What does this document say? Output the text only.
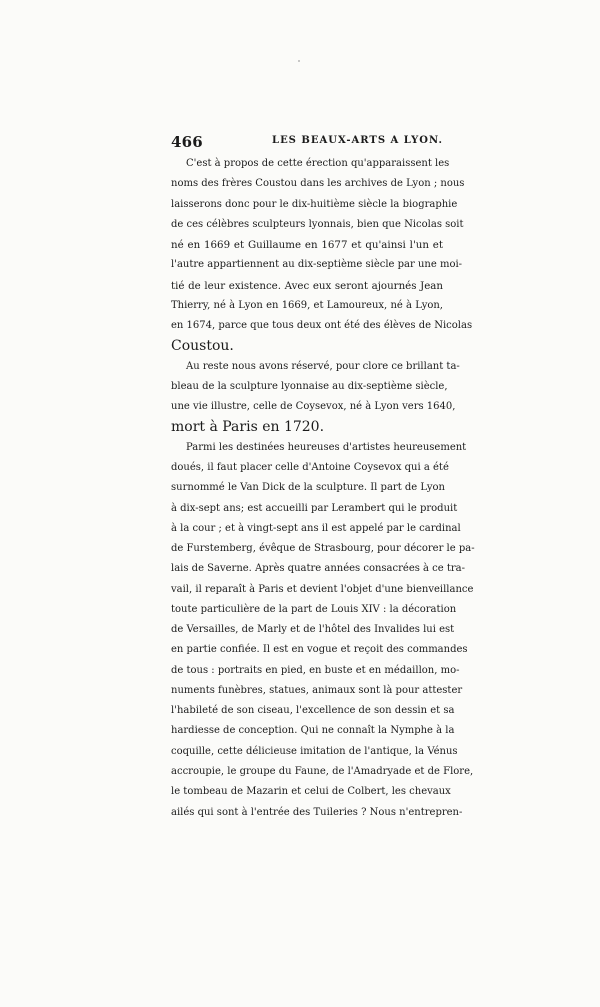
466	LES BEAUX-ARTS A LYON.
C'est à propos de cette érection qu'apparaissent les
noms des frères Coustou dans les archives de Lyon ; nous
laisserons donc pour le dix-huitième siècle la biographie
de ces célèbres sculpteurs lyonnais, bien que Nicolas soit
né en 1669 et Guillaume en 1677 et qu'ainsi l'un et
l'autre appartiennent au dix-septième siècle par une moi-
tié de leur existence. Avec eux seront ajournés Jean
Thierry, né à Lyon en 1669, et Lamoureux, né à Lyon,
en 1674, parce que tous deux ont été des élèves de Nicolas
Coustou.
Au reste nous avons réservé, pour clore ce brillant ta-
bleau de la sculpture lyonnaise au dix-septième siècle,
une vie illustre, celle de Coysevox, né à Lyon vers 1640,
mort à Paris en 1720.
Parmi les destinées heureuses d'artistes heureusement
doués, il faut placer celle d'Antoine Coysevox qui a été
surnommé le Van Dick de la sculpture. Il part de Lyon
à dix-sept ans; est accueilli par Lerambert qui le produit
à la cour ; et à vingt-sept ans il est appelé par le cardinal
de Furstemberg, évêque de Strasbourg, pour décorer le pa-
lais de Saverne. Après quatre années consacrées à ce tra-
vail, il reparaît à Paris et devient l'objet d'une bienveillance
toute particulière de la part de Louis XIV : la décoration
de Versailles, de Marly et de l'hôtel des Invalides lui est
en partie confiée. Il est en vogue et reçoit des commandes
de tous : portraits en pied, en buste et en médaillon, mo-
numents funèbres, statues, animaux sont là pour attester
l'habileté de son ciseau, l'excellence de son dessin et sa
hardiesse de conception. Qui ne connaît la Nymphe à la
coquille, cette délicieuse imitation de l'antique, la Vénus
accroupie, le groupe du Faune, de l'Amadryade et de Flore,
le tombeau de Mazarin et celui de Colbert, les chevaux
ailés qui sont à l'entrée des Tuileries ? Nous n'entrepren-
